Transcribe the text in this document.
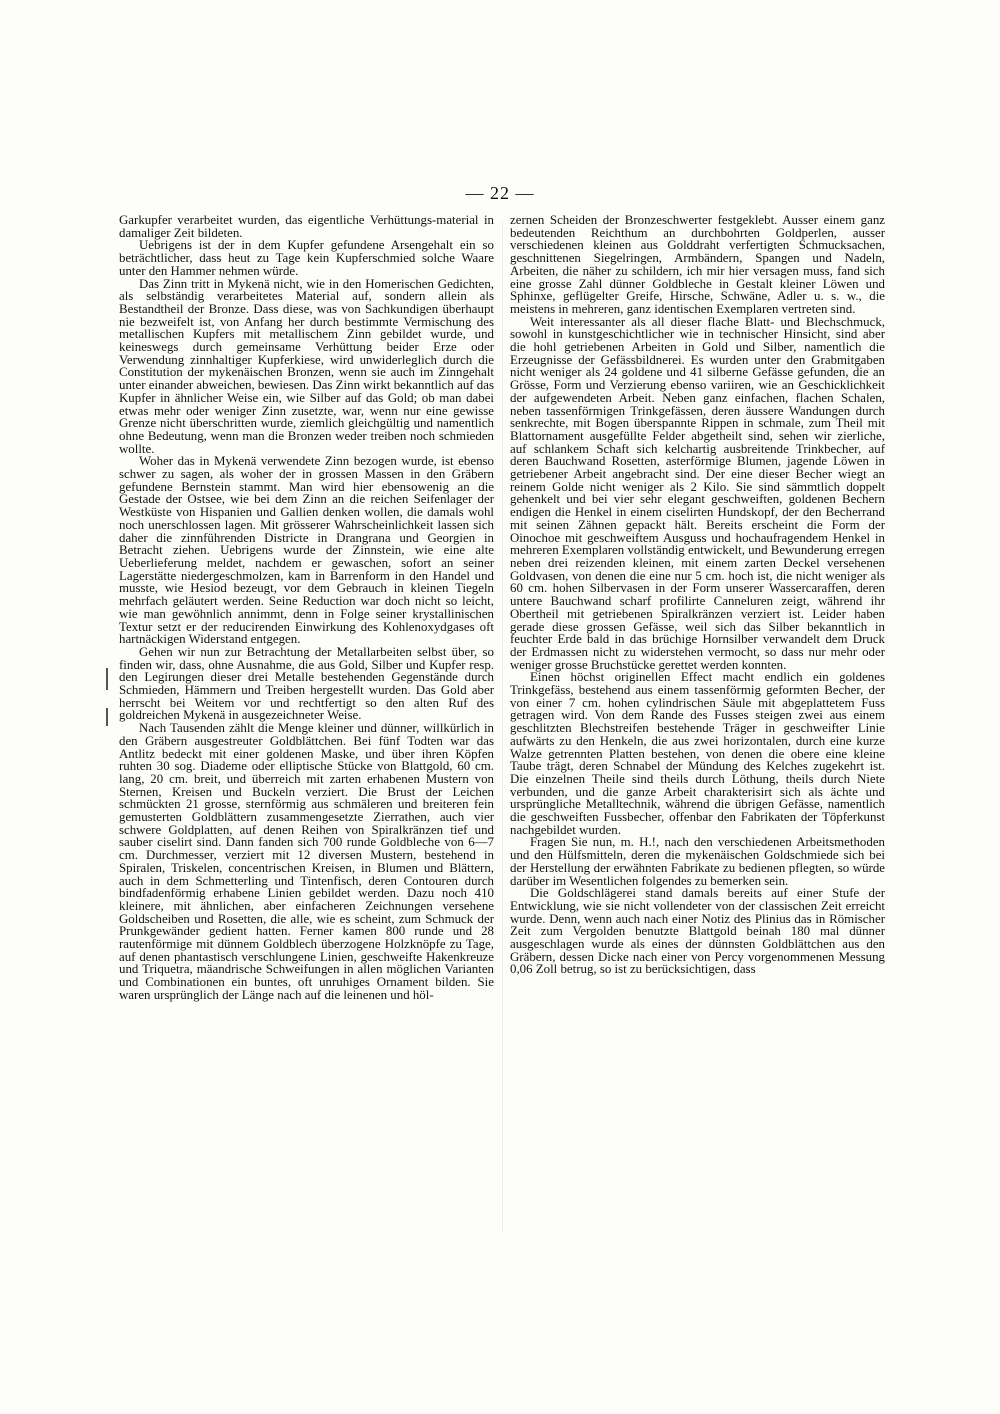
— 22 —

Garkupfer verarbeitet wurden, das eigentliche Verhüttungs-material in damaliger Zeit bildeten.

Uebrigens ist der in dem Kupfer gefundene Arsengehalt ein so beträchtlicher, dass heut zu Tage kein Kupferschmied solche Waare unter den Hammer nehmen würde.

Das Zinn tritt in Mykenä nicht, wie in den Homerischen Gedichten, als selbständig verarbeitetes Material auf, sondern allein als Bestandtheil der Bronze. Dass diese, was von Sachkundigen überhaupt nie bezweifelt ist, von Anfang her durch bestimmte Vermischung des metallischen Kupfers mit metallischem Zinn gebildet wurde, und keineswegs durch gemeinsame Verhüttung beider Erze oder Verwendung zinnhaltiger Kupferkiese, wird unwiderleglich durch die Constitution der mykenäischen Bronzen, wenn sie auch im Zinngehalt unter einander abweichen, bewiesen. Das Zinn wirkt bekanntlich auf das Kupfer in ähnlicher Weise ein, wie Silber auf das Gold; ob man dabei etwas mehr oder weniger Zinn zusetzte, war, wenn nur eine gewisse Grenze nicht überschritten wurde, ziemlich gleichgültig und namentlich ohne Bedeutung, wenn man die Bronzen weder treiben noch schmieden wollte.

Woher das in Mykenä verwendete Zinn bezogen wurde, ist ebenso schwer zu sagen, als woher der in grossen Massen in den Gräbern gefundene Bernstein stammt. Man wird hier ebensowenig an die Gestade der Ostsee, wie bei dem Zinn an die reichen Seifenlager der Westküste von Hispanien und Gallien denken wollen, die damals wohl noch unerschlossen lagen. Mit grösserer Wahrscheinlichkeit lassen sich daher die zinnführenden Districte in Drangrana und Georgien in Betracht ziehen. Uebrigens wurde der Zinnstein, wie eine alte Ueberlieferung meldet, nachdem er gewaschen, sofort an seiner Lagerstätte niedergeschmolzen, kam in Barrenform in den Handel und musste, wie Hesiod bezeugt, vor dem Gebrauch in kleinen Tiegeln mehrfach geläutert werden. Seine Reduction war doch nicht so leicht, wie man gewöhnlich annimmt, denn in Folge seiner krystallinischen Textur setzt er der reducirenden Einwirkung des Kohlenoxydgases oft hartnäckigen Widerstand entgegen.

Gehen wir nun zur Betrachtung der Metallarbeiten selbst über, so finden wir, dass, ohne Ausnahme, die aus Gold, Silber und Kupfer resp. den Legirungen dieser drei Metalle bestehenden Gegenstände durch Schmieden, Hämmern und Treiben hergestellt wurden. Das Gold aber herrscht bei Weitem vor und rechtfertigt so den alten Ruf des goldreichen Mykenä in ausgezeichneter Weise.

Nach Tausenden zählt die Menge kleiner und dünner, willkürlich in den Gräbern ausgestreuter Goldblättchen. Bei fünf Todten war das Antlitz bedeckt mit einer goldenen Maske, und über ihren Köpfen ruhten 30 sog. Diademe oder elliptische Stücke von Blattgold, 60 cm. lang, 20 cm. breit, und überreich mit zarten erhabenen Mustern von Sternen, Kreisen und Buckeln verziert. Die Brust der Leichen schmückten 21 grosse, sternförmig aus schmäleren und breiteren fein gemusterten Goldblättern zusammengesetzte Zierrathen, auch vier schwere Goldplatten, auf denen Reihen von Spiralkränzen tief und sauber ciselirt sind. Dann fanden sich 700 runde Goldbleche von 6—7 cm. Durchmesser, verziert mit 12 diversen Mustern, bestehend in Spiralen, Triskelen, concentrischen Kreisen, in Blumen und Blättern, auch in dem Schmetterling und Tintenfisch, deren Contouren durch bindfadenförmig erhabene Linien gebildet werden. Dazu noch 410 kleinere, mit ähnlichen, aber einfacheren Zeichnungen versehene Goldscheiben und Rosetten, die alle, wie es scheint, zum Schmuck der Prunkgewänder gedient hatten. Ferner kamen 800 runde und 28 rautenförmige mit dünnem Goldblech überzogene Holzknöpfe zu Tage, auf denen phantastisch verschlungene Linien, geschweifte Hakenkreuze und Triquetra, mäandrische Schweifungen in allen möglichen Varianten und Combinationen ein buntes, oft unruhiges Ornament bilden. Sie waren ursprünglich der Länge nach auf die leinenen und höl-

zernen Scheiden der Bronzeschwerter festgeklebt. Ausser einem ganz bedeutenden Reichthum an durchbohrten Goldperlen, ausser verschiedenen kleinen aus Golddraht verfertigten Schmucksachen, geschnittenen Siegelringen, Armbändern, Spangen und Nadeln, Arbeiten, die näher zu schildern, ich mir hier versagen muss, fand sich eine grosse Zahl dünner Goldbleche in Gestalt kleiner Löwen und Sphinxe, geflügelter Greife, Hirsche, Schwäne, Adler u. s. w., die meistens in mehreren, ganz identischen Exemplaren vertreten sind.

Weit interessanter als all dieser flache Blatt- und Blechschmuck, sowohl in kunstgeschichtlicher wie in technischer Hinsicht, sind aber die hohl getriebenen Arbeiten in Gold und Silber, namentlich die Erzeugnisse der Gefässbildnerei. Es wurden unter den Grabmitgaben nicht weniger als 24 goldene und 41 silberne Gefässe gefunden, die an Grösse, Form und Verzierung ebenso variiren, wie an Geschicklichkeit der aufgewendeten Arbeit. Neben ganz einfachen, flachen Schalen, neben tassenförmigen Trinkgefässen, deren äussere Wandungen durch senkrechte, mit Bogen überspannte Rippen in schmale, zum Theil mit Blattornament ausgefüllte Felder abgetheilt sind, sehen wir zierliche, auf schlankem Schaft sich kelchartig ausbreitende Trinkbecher, auf deren Bauchwand Rosetten, asterförmige Blumen, jagende Löwen in getriebener Arbeit angebracht sind. Der eine dieser Becher wiegt an reinem Golde nicht weniger als 2 Kilo. Sie sind sämmtlich doppelt gehenkelt und bei vier sehr elegant geschweiften, goldenen Bechern endigen die Henkel in einem ciselirten Hundskopf, der den Becherrand mit seinen Zähnen gepackt hält. Bereits erscheint die Form der Oinochoe mit geschweiftem Ausguss und hochaufragendem Henkel in mehreren Exemplaren vollständig entwickelt, und Bewunderung erregen neben drei reizenden kleinen, mit einem zarten Deckel versehenen Goldvasen, von denen die eine nur 5 cm. hoch ist, die nicht weniger als 60 cm. hohen Silbervasen in der Form unserer Wassercaraffen, deren untere Bauchwand scharf profilirte Canneluren zeigt, während ihr Obertheil mit getriebenen Spiralkränzen verziert ist. Leider haben gerade diese grossen Gefässe, weil sich das Silber bekanntlich in feuchter Erde bald in das brüchige Hornsilber verwandelt dem Druck der Erdmassen nicht zu widerstehen vermocht, so dass nur mehr oder weniger grosse Bruchstücke gerettet werden konnten.

Einen höchst originellen Effect macht endlich ein goldenes Trinkgefäss, bestehend aus einem tassenförmig geformten Becher, der von einer 7 cm. hohen cylindrischen Säule mit abgeplattetem Fuss getragen wird. Von dem Rande des Fusses steigen zwei aus einem geschlitzten Blechstreifen bestehende Träger in geschweifter Linie aufwärts zu den Henkeln, die aus zwei horizontalen, durch eine kurze Walze getrennten Platten bestehen, von denen die obere eine kleine Taube trägt, deren Schnabel der Mündung des Kelches zugekehrt ist. Die einzelnen Theile sind theils durch Löthung, theils durch Niete verbunden, und die ganze Arbeit charakterisirt sich als ächte und ursprüngliche Metalltechnik, während die übrigen Gefässe, namentlich die geschweiften Fussbecher, offenbar den Fabrikaten der Töpferkunst nachgebildet wurden.

Fragen Sie nun, m. H.!, nach den verschiedenen Arbeitsmethoden und den Hülfsmitteln, deren die mykenäischen Goldschmiede sich bei der Herstellung der erwähnten Fabrikate zu bedienen pflegten, so würde darüber im Wesentlichen folgendes zu bemerken sein.

Die Goldschlägerei stand damals bereits auf einer Stufe der Entwicklung, wie sie nicht vollendeter von der classischen Zeit erreicht wurde. Denn, wenn auch nach einer Notiz des Plinius das in Römischer Zeit zum Vergolden benutzte Blattgold beinah 180 mal dünner ausgeschlagen wurde als eines der dünnsten Goldblättchen aus den Gräbern, dessen Dicke nach einer von Percy vorgenommenen Messung 0,06 Zoll betrug, so ist zu berücksichtigen, dass
